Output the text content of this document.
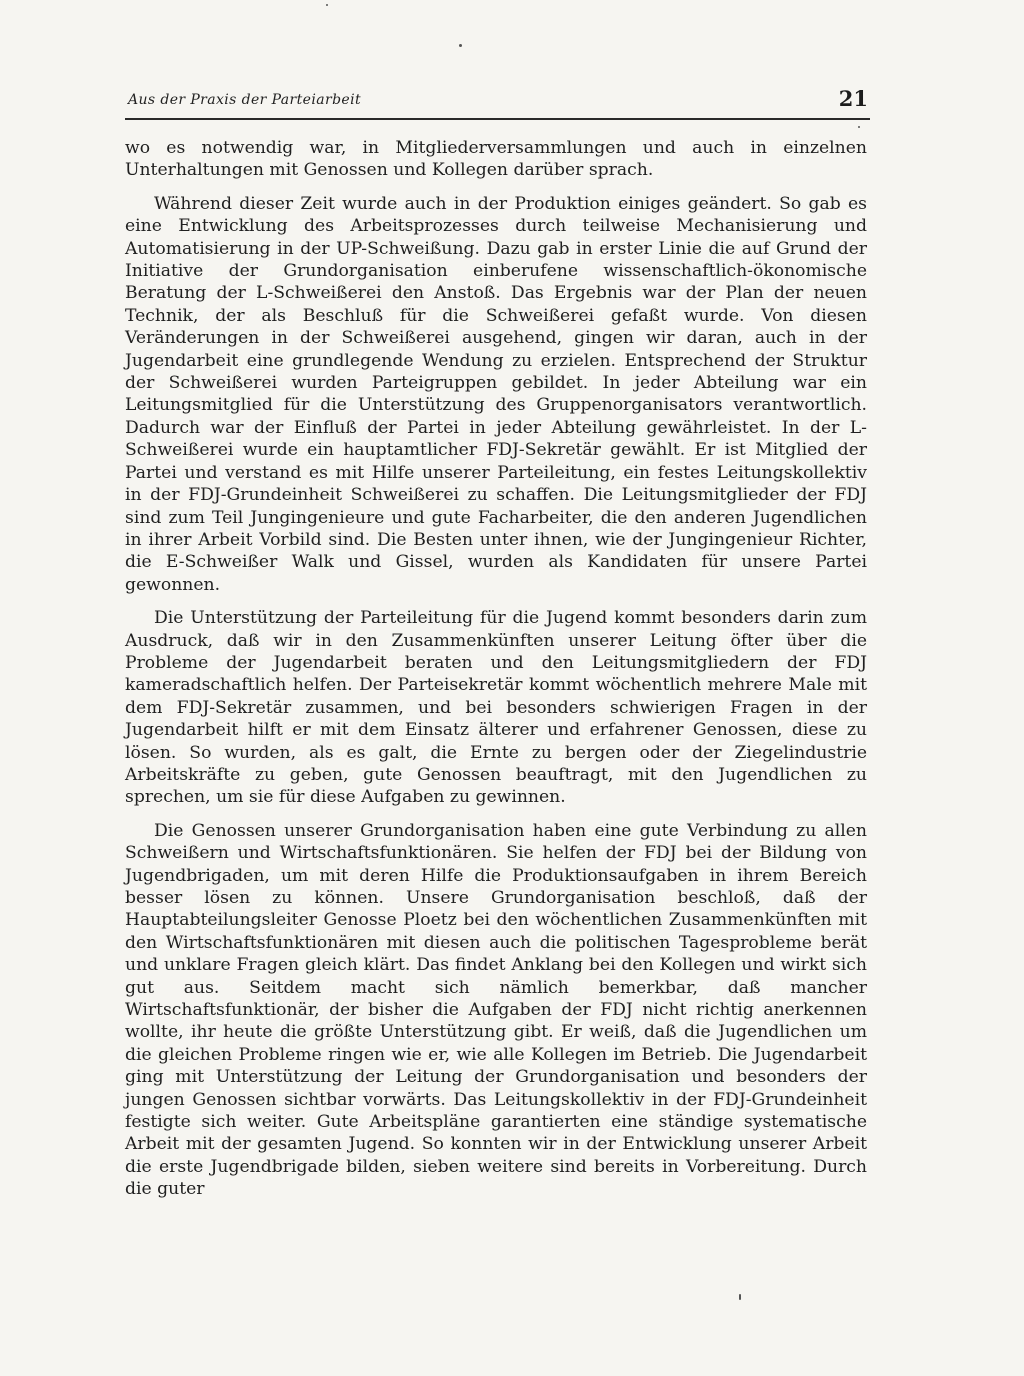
Aus der Praxis der Parteiarbeit	21

wo es notwendig war, in Mitgliederversammlungen und auch in einzelnen Unterhaltungen mit Genossen und Kollegen darüber sprach.

Während dieser Zeit wurde auch in der Produktion einiges geändert. So gab es eine Entwicklung des Arbeitsprozesses durch teilweise Mechanisierung und Automatisierung in der UP-Schweißung. Dazu gab in erster Linie die auf Grund der Initiative der Grundorganisation einberufene wissenschaftlich-ökonomische Beratung der L-Schweißerei den Anstoß. Das Ergebnis war der Plan der neuen Technik, der als Beschluß für die Schweißerei gefaßt wurde. Von diesen Veränderungen in der Schweißerei ausgehend, gingen wir daran, auch in der Jugendarbeit eine grundlegende Wendung zu erzielen. Entsprechend der Struktur der Schweißerei wurden Parteigruppen gebildet. In jeder Abteilung war ein Leitungsmitglied für die Unterstützung des Gruppenorganisators verantwortlich. Dadurch war der Einfluß der Partei in jeder Abteilung gewährleistet. In der L-Schweißerei wurde ein hauptamtlicher FDJ-Sekretär gewählt. Er ist Mitglied der Partei und verstand es mit Hilfe unserer Parteileitung, ein festes Leitungskollektiv in der FDJ-Grundeinheit Schweißerei zu schaffen. Die Leitungsmitglieder der FDJ sind zum Teil Jungingenieure und gute Facharbeiter, die den anderen Jugendlichen in ihrer Arbeit Vorbild sind. Die Besten unter ihnen, wie der Jungingenieur Richter, die E-Schweißer Walk und Gissel, wurden als Kandidaten für unsere Partei gewonnen.

Die Unterstützung der Parteileitung für die Jugend kommt besonders darin zum Ausdruck, daß wir in den Zusammenkünften unserer Leitung öfter über die Probleme der Jugendarbeit beraten und den Leitungsmitgliedern der FDJ kameradschaftlich helfen. Der Parteisekretär kommt wöchentlich mehrere Male mit dem FDJ-Sekretär zusammen, und bei besonders schwierigen Fragen in der Jugendarbeit hilft er mit dem Einsatz älterer und erfahrener Genossen, diese zu lösen. So wurden, als es galt, die Ernte zu bergen oder der Ziegelindustrie Arbeitskräfte zu geben, gute Genossen beauftragt, mit den Jugendlichen zu sprechen, um sie für diese Aufgaben zu gewinnen.

Die Genossen unserer Grundorganisation haben eine gute Verbindung zu allen Schweißern und Wirtschaftsfunktionären. Sie helfen der FDJ bei der Bildung von Jugendbrigaden, um mit deren Hilfe die Produktionsaufgaben in ihrem Bereich besser lösen zu können. Unsere Grundorganisation beschloß, daß der Hauptabteilungsleiter Genosse Ploetz bei den wöchentlichen Zusammenkünften mit den Wirtschaftsfunktionären mit diesen auch die politischen Tagesprobleme berät und unklare Fragen gleich klärt. Das findet Anklang bei den Kollegen und wirkt sich gut aus. Seitdem macht sich nämlich bemerkbar, daß mancher Wirtschaftsfunktionär, der bisher die Aufgaben der FDJ nicht richtig anerkennen wollte, ihr heute die größte Unterstützung gibt. Er weiß, daß die Jugendlichen um die gleichen Probleme ringen wie er, wie alle Kollegen im Betrieb. Die Jugendarbeit ging mit Unterstützung der Leitung der Grundorganisation und besonders der jungen Genossen sichtbar vorwärts. Das Leitungskollektiv in der FDJ-Grundeinheit festigte sich weiter. Gute Arbeitspläne garantierten eine ständige systematische Arbeit mit der gesamten Jugend. So konnten wir in der Entwicklung unserer Arbeit die erste Jugendbrigade bilden, sieben weitere sind bereits in Vorbereitung. Durch die guter
